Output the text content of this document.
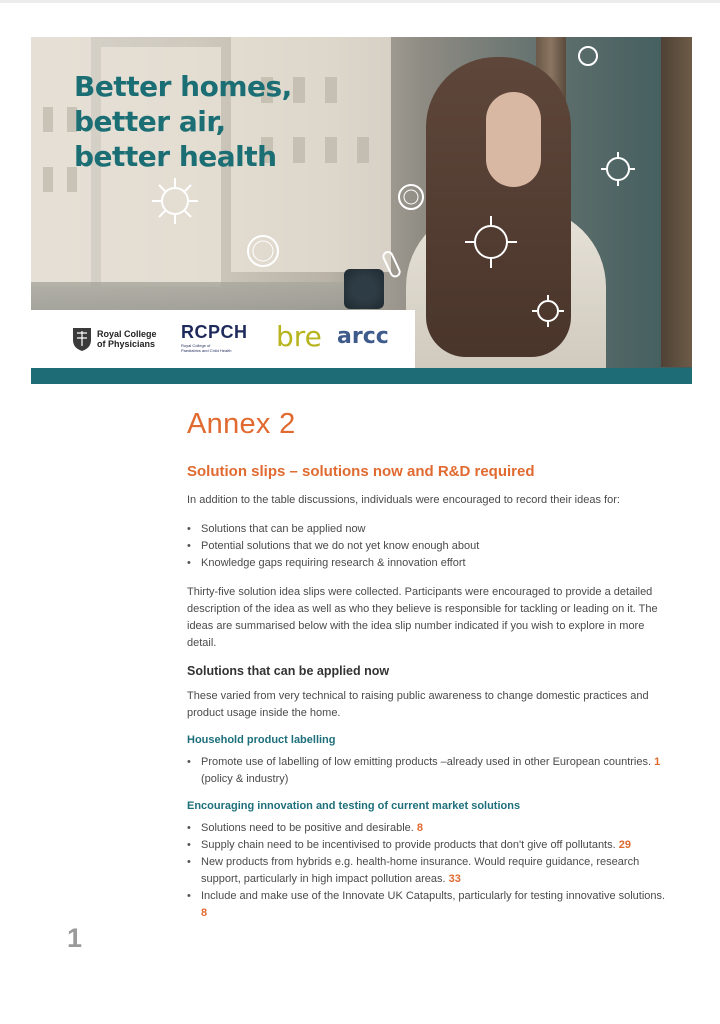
Better homes,
better air,
better health
Royal College
of Physicians
RCPCH
Royal College of
Paediatrics and Child Health	bre arcc
Annex 2
Solution slips – solutions now and R&D required

In addition to the table discussions, individuals were encouraged to record their ideas for:

• Solutions that can be applied now
• Potential solutions that we do not yet know enough about
• Knowledge gaps requiring research & innovation effort

Thirty-five solution idea slips were collected. Participants were encouraged to provide a detailed description of the idea as well as who they believe is responsible for tackling or leading on it. The ideas are summarised below with the idea slip number indicated if you wish to explore in more detail.

Solutions that can be applied now

These varied from very technical to raising public awareness to change domestic practices and product usage inside the home.

Household product labelling
• Promote use of labelling of low emitting products –already used in other European countries. 1 (policy & industry)
Encouraging innovation and testing of current market solutions
• Solutions need to be positive and desirable. 8
• Supply chain need to be incentivised to provide products that don't give off pollutants. 29
• New products from hybrids e.g. health-home insurance. Would require guidance, research support, particularly in high impact pollution areas. 33
• Include and make use of the Innovate UK Catapults, particularly for testing innovative solutions. 8
1
